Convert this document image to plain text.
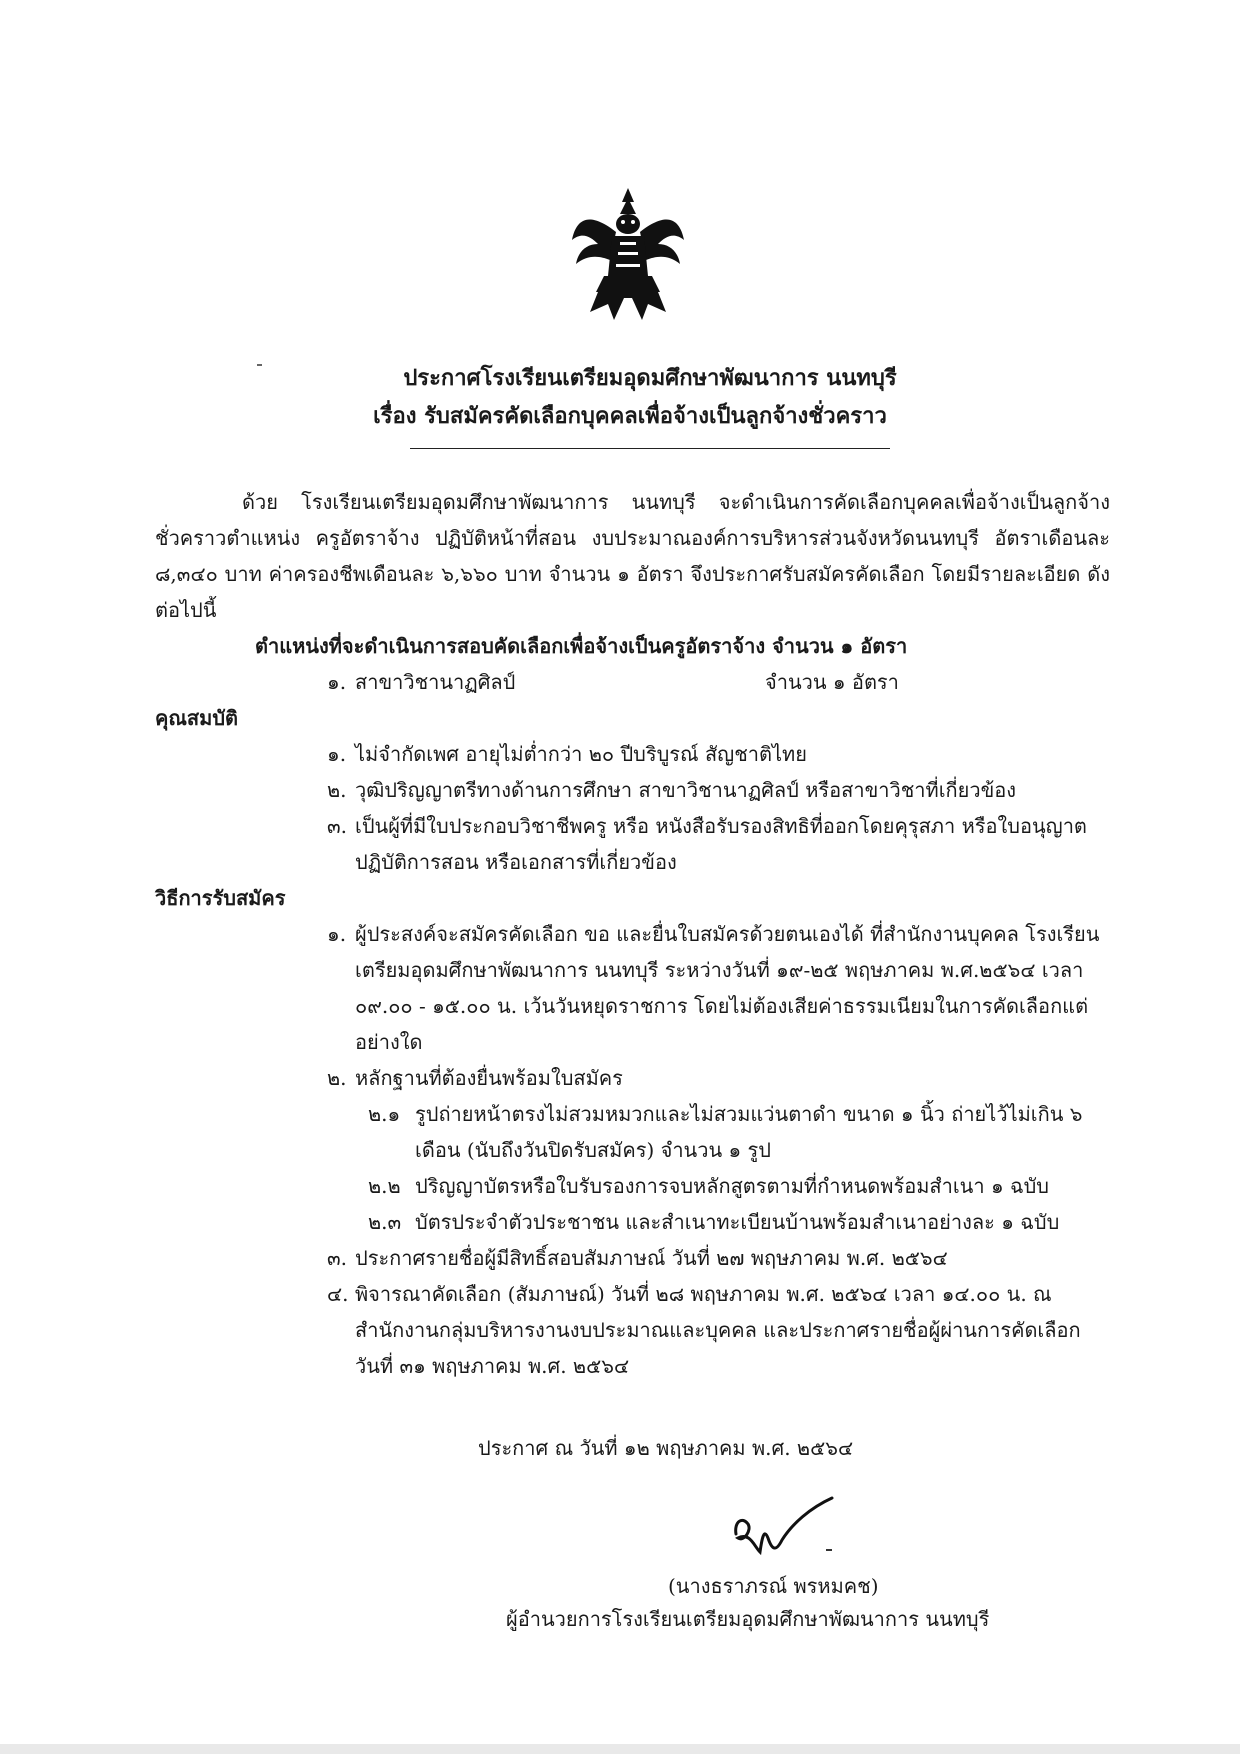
ประกาศโรงเรียนเตรียมอุดมศึกษาพัฒนาการ นนทบุรี
เรื่อง รับสมัครคัดเลือกบุคคลเพื่อจ้างเป็นลูกจ้างชั่วคราว

ด้วย โรงเรียนเตรียมอุดมศึกษาพัฒนาการ นนทบุรี จะดำเนินการคัดเลือกบุคคลเพื่อจ้างเป็นลูกจ้างชั่วคราวตำแหน่ง ครูอัตราจ้าง ปฏิบัติหน้าที่สอน งบประมาณองค์การบริหารส่วนจังหวัดนนทบุรี อัตราเดือนละ ๘,๓๔๐ บาท ค่าครองชีพเดือนละ ๖,๖๖๐ บาท จำนวน ๑ อัตรา จึงประกาศรับสมัครคัดเลือก โดยมีรายละเอียด ดังต่อไปนี้

ตำแหน่งที่จะดำเนินการสอบคัดเลือกเพื่อจ้างเป็นครูอัตราจ้าง จำนวน ๑ อัตรา

๑. สาขาวิชานาฏศิลป์	จำนวน ๑ อัตรา

คุณสมบัติ

๑. ไม่จำกัดเพศ อายุไม่ต่ำกว่า ๒๐ ปีบริบูรณ์ สัญชาติไทย
๒. วุฒิปริญญาตรีทางด้านการศึกษา สาขาวิชานาฏศิลป์ หรือสาขาวิชาที่เกี่ยวข้อง
๓. เป็นผู้ที่มีใบประกอบวิชาชีพครู หรือ หนังสือรับรองสิทธิที่ออกโดยคุรุสภา หรือใบอนุญาตปฏิบัติการสอน หรือเอกสารที่เกี่ยวข้อง

วิธีการรับสมัคร

๑. ผู้ประสงค์จะสมัครคัดเลือก ขอ และยื่นใบสมัครด้วยตนเองได้ ที่สำนักงานบุคคล โรงเรียนเตรียมอุดมศึกษาพัฒนาการ นนทบุรี ระหว่างวันที่ ๑๙-๒๕ พฤษภาคม พ.ศ.๒๕๖๔ เวลา ๐๙.๐๐ - ๑๕.๐๐ น. เว้นวันหยุดราชการ โดยไม่ต้องเสียค่าธรรมเนียมในการคัดเลือกแต่อย่างใด
๒. หลักฐานที่ต้องยื่นพร้อมใบสมัคร
๒.๑ รูปถ่ายหน้าตรงไม่สวมหมวกและไม่สวมแว่นตาดำ ขนาด ๑ นิ้ว ถ่ายไว้ไม่เกิน ๖ เดือน (นับถึงวันปิดรับสมัคร) จำนวน ๑ รูป
๒.๒ ปริญญาบัตรหรือใบรับรองการจบหลักสูตรตามที่กำหนดพร้อมสำเนา ๑ ฉบับ
๒.๓ บัตรประจำตัวประชาชน และสำเนาทะเบียนบ้านพร้อมสำเนาอย่างละ ๑ ฉบับ
๓. ประกาศรายชื่อผู้มีสิทธิ์สอบสัมภาษณ์ วันที่ ๒๗ พฤษภาคม พ.ศ. ๒๕๖๔
๔. พิจารณาคัดเลือก (สัมภาษณ์) วันที่ ๒๘ พฤษภาคม พ.ศ. ๒๕๖๔ เวลา ๑๔.๐๐ น. ณ สำนักงานกลุ่มบริหารงานงบประมาณและบุคคล และประกาศรายชื่อผู้ผ่านการคัดเลือก วันที่ ๓๑ พฤษภาคม พ.ศ. ๒๕๖๔
ประกาศ ณ วันที่ ๑๒ พฤษภาคม พ.ศ. ๒๕๖๔
(นางธราภรณ์ พรหมคช)
ผู้อำนวยการโรงเรียนเตรียมอุดมศึกษาพัฒนาการ นนทบุรี
